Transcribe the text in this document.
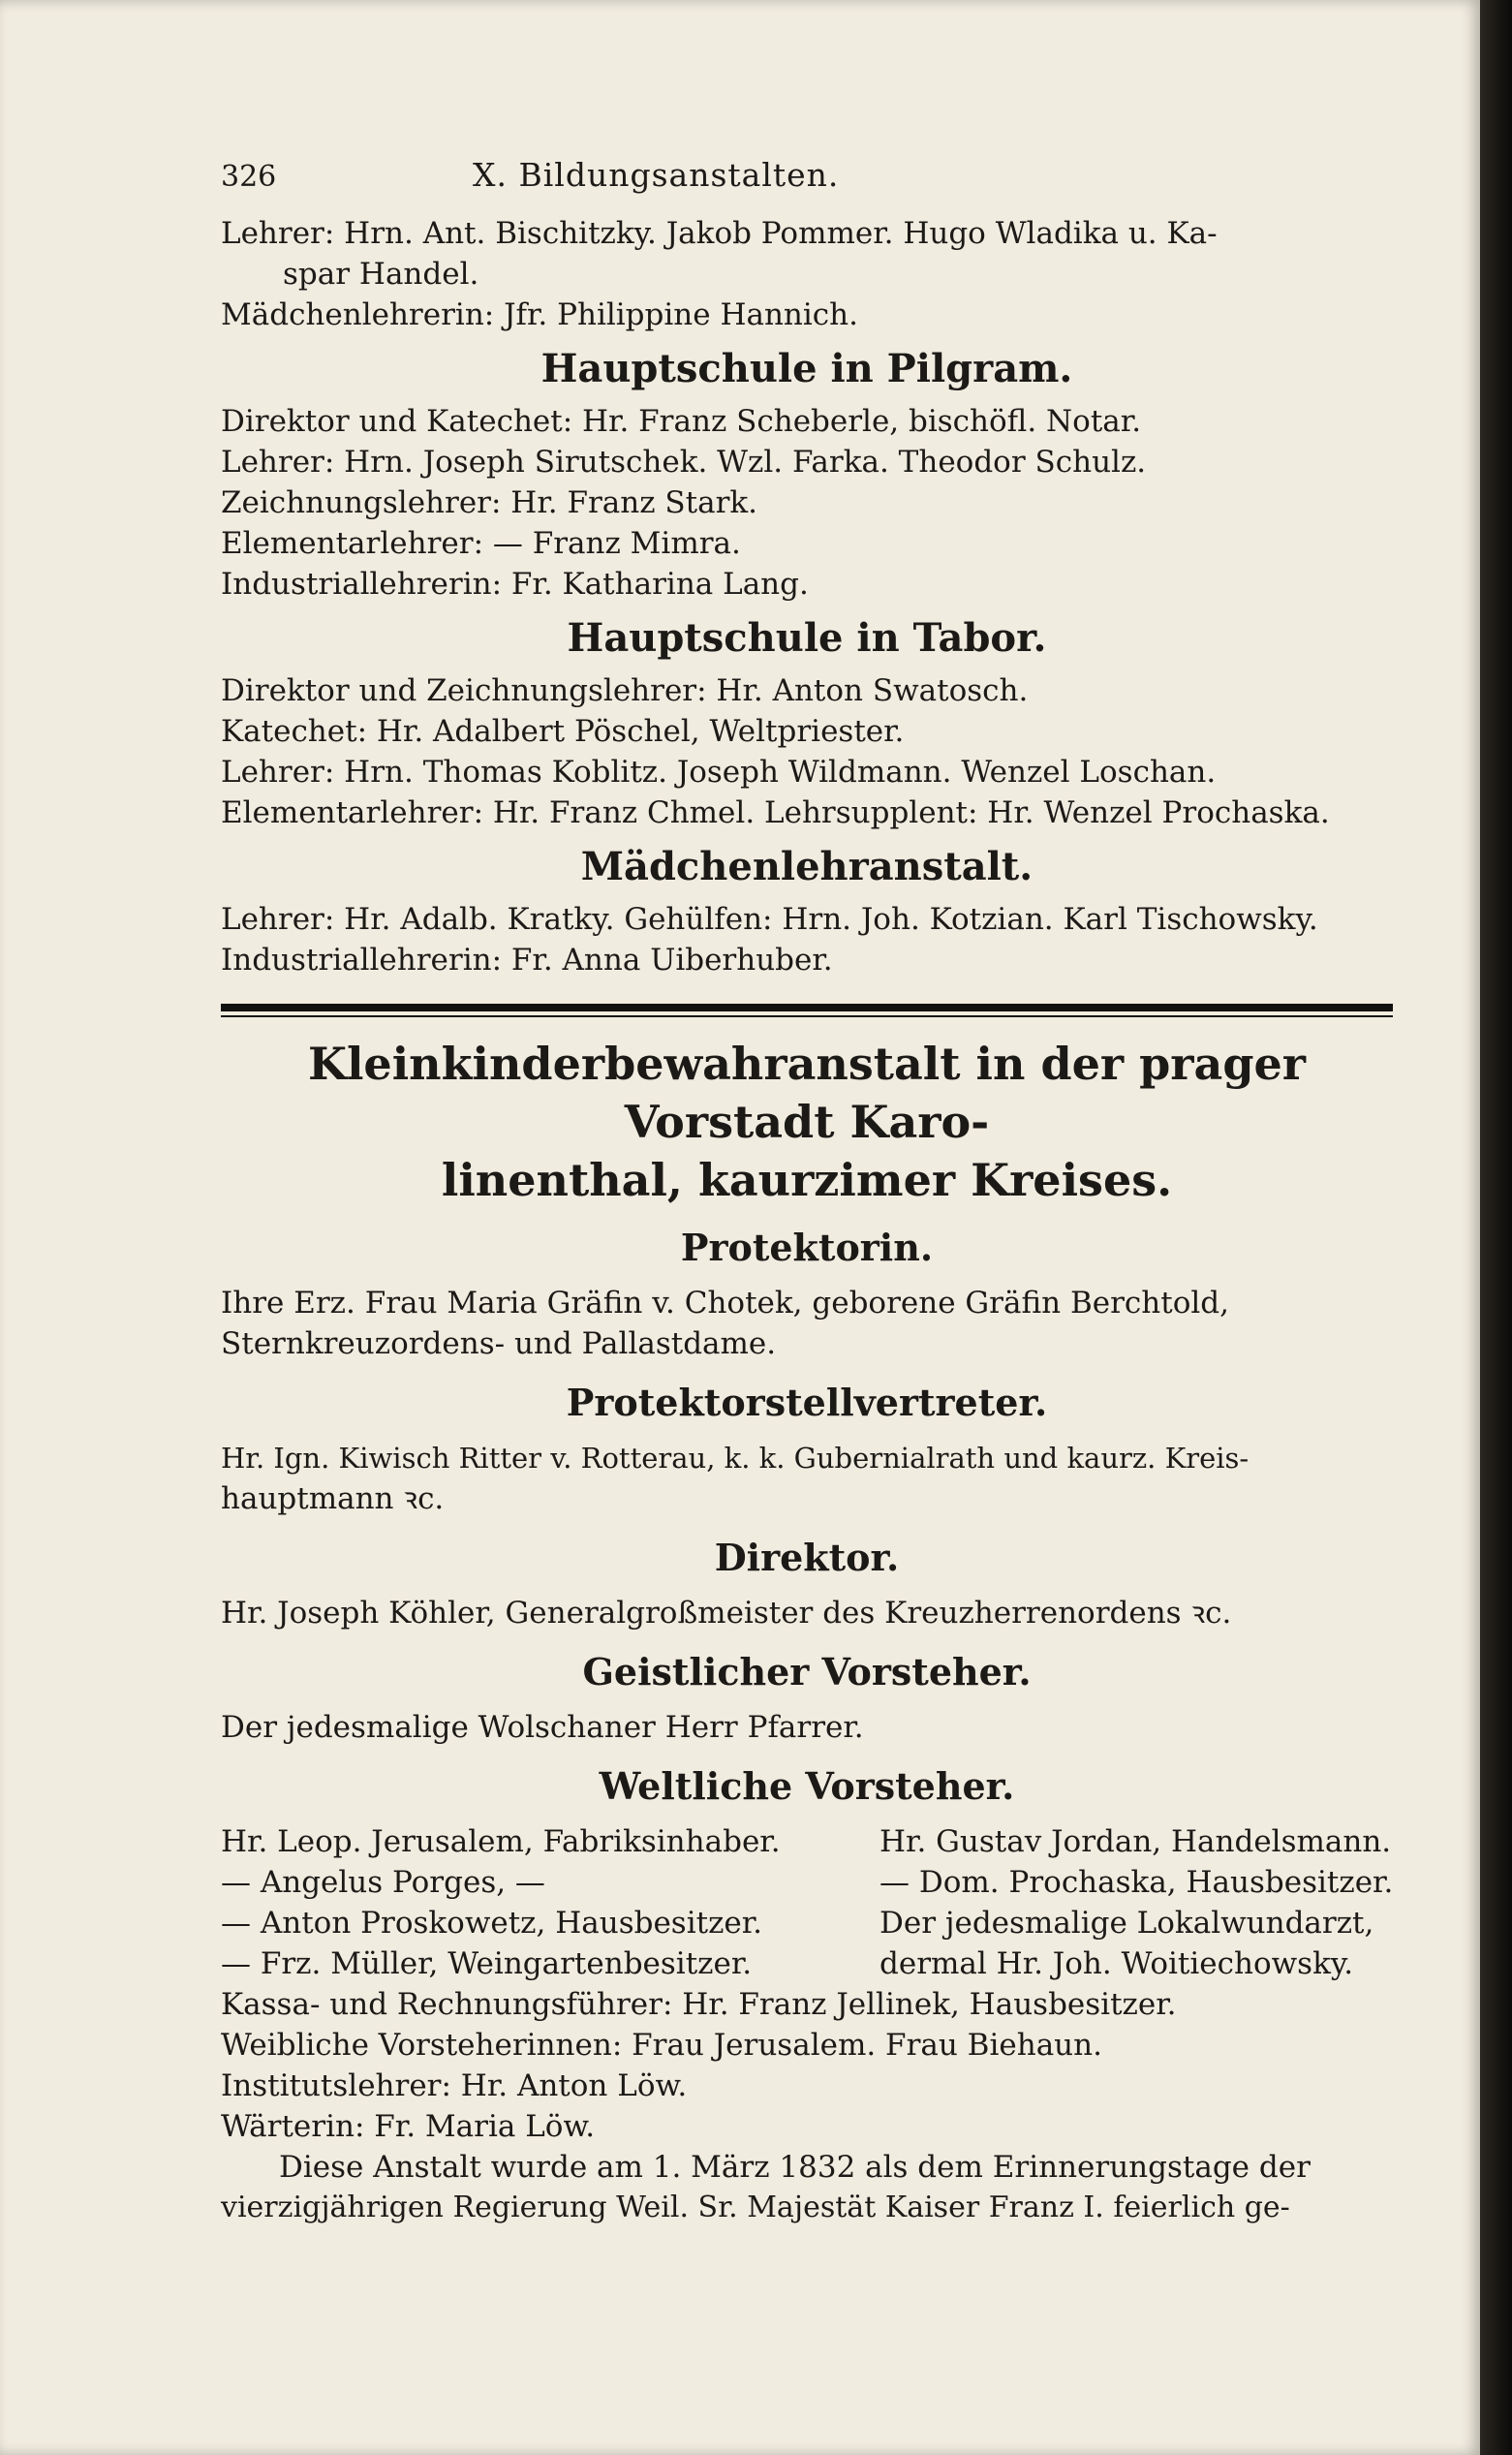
326	X. Bildungsanstalten.
Lehrer: Hrn. Ant. Bischitzky. Jakob Pommer. Hugo Wladika u. Ka-
spar Handel.
Mädchenlehrerin: Jfr. Philippine Hannich.
Hauptschule in Pilgram.
Direktor und Katechet: Hr. Franz Scheberle, bischöfl. Notar.
Lehrer: Hrn. Joseph Sirutschek. Wzl. Farka. Theodor Schulz.
Zeichnungslehrer: Hr. Franz Stark.
Elementarlehrer: — Franz Mimra.
Industriallehrerin: Fr. Katharina Lang.
Hauptschule in Tabor.
Direktor und Zeichnungslehrer: Hr. Anton Swatosch.
Katechet: Hr. Adalbert Pöschel, Weltpriester.
Lehrer: Hrn. Thomas Koblitz. Joseph Wildmann. Wenzel Loschan.
Elementarlehrer: Hr. Franz Chmel. Lehrsupplent: Hr. Wenzel Prochaska.
Mädchenlehranstalt.
Lehrer: Hr. Adalb. Kratky. Gehülfen: Hrn. Joh. Kotzian. Karl Tischowsky.
Industriallehrerin: Fr. Anna Uiberhuber.
Kleinkinderbewahranstalt in der prager Vorstadt Karo-
linenthal, kaurzimer Kreises.
Protektorin.
Ihre Erz. Frau Maria Gräfin v. Chotek, geborene Gräfin Berchtold,
Sternkreuzordens- und Pallastdame.
Protektorstellvertreter.
Hr. Ign. Kiwisch Ritter v. Rotterau, k. k. Gubernialrath und kaurz. Kreis-
hauptmann ꝛc.
Direktor.
Hr. Joseph Köhler, Generalgroßmeister des Kreuzherrenordens ꝛc.
Geistlicher Vorsteher.
Der jedesmalige Wolschaner Herr Pfarrer.
Weltliche Vorsteher.
Hr. Leop. Jerusalem, Fabriksinhaber.
— Angelus Porges, —
— Anton Proskowetz, Hausbesitzer.
— Frz. Müller, Weingartenbesitzer.
Hr. Gustav Jordan, Handelsmann.
— Dom. Prochaska, Hausbesitzer.
Der jedesmalige Lokalwundarzt,
dermal Hr. Joh. Woitiechowsky.
Kassa- und Rechnungsführer: Hr. Franz Jellinek, Hausbesitzer.
Weibliche Vorsteherinnen: Frau Jerusalem. Frau Biehaun.
Institutslehrer: Hr. Anton Löw.
Wärterin: Fr. Maria Löw.
Diese Anstalt wurde am 1. März 1832 als dem Erinnerungstage der
vierzigjährigen Regierung Weil. Sr. Majestät Kaiser Franz I. feierlich ge-
